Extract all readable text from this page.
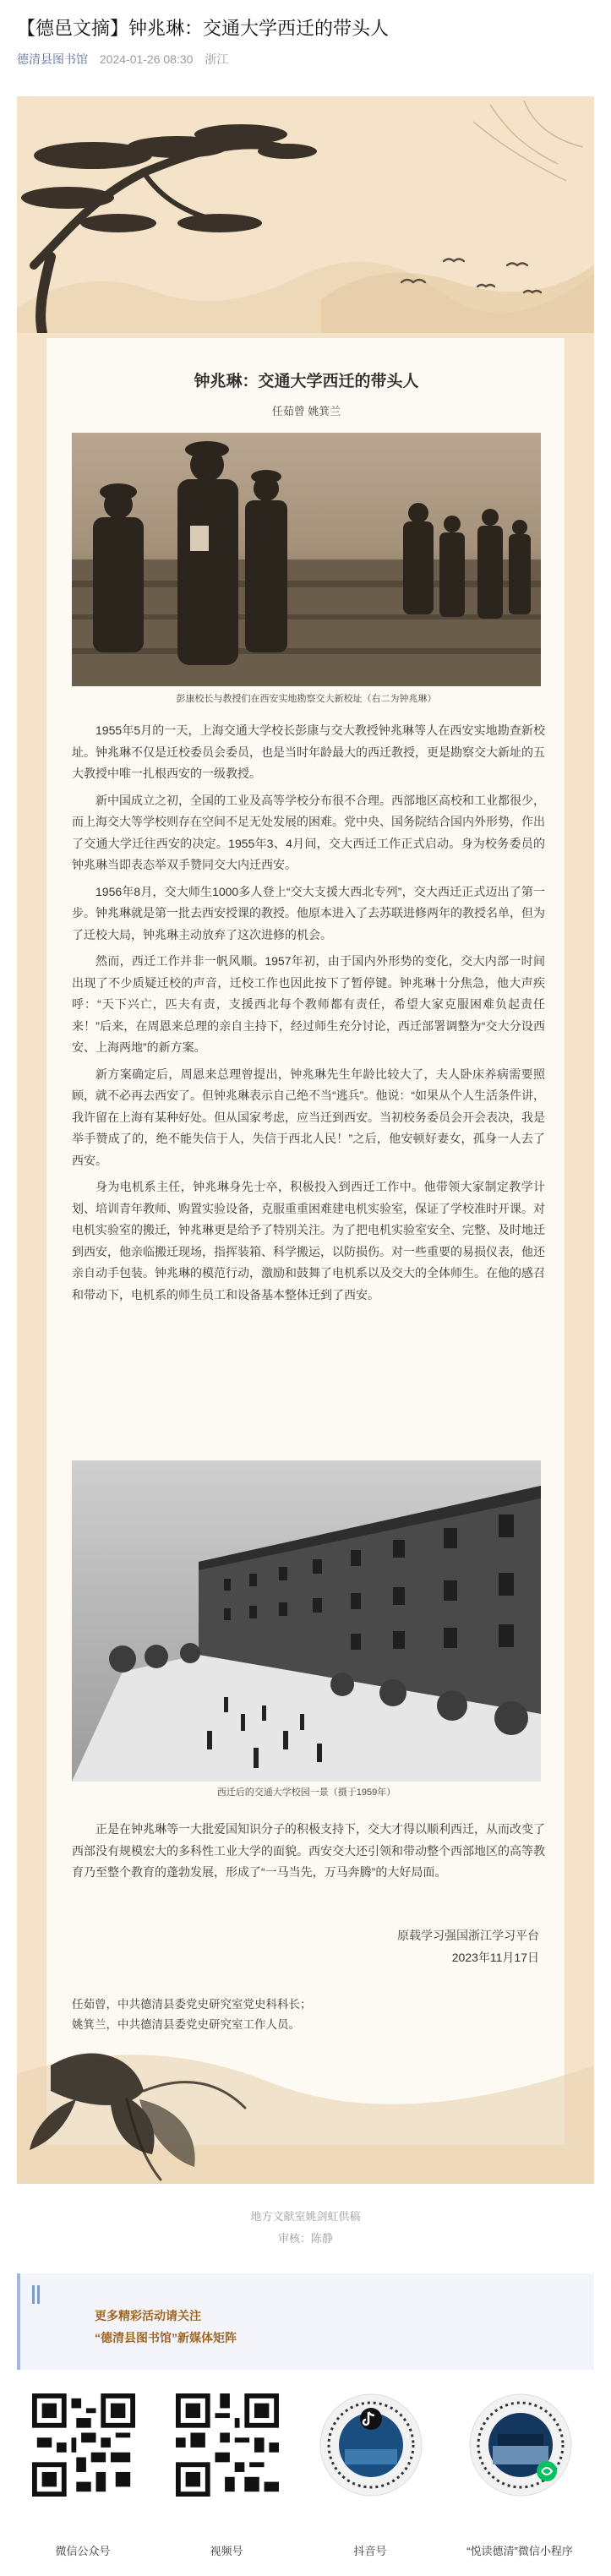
【德邑文摘】钟兆琳：交通大学西迁的带头人
德清县图书馆 2024-01-26 08:30 浙江
钟兆琳：交通大学西迁的带头人
任茹曾 姚箕兰
彭康校长与教授们在西安实地勘察交大新校址（右二为钟兆琳）

1955年5月的一天，上海交通大学校长彭康与交大教授钟兆琳等人在西安实地勘查新校址。钟兆琳不仅是迁校委员会委员，也是当时年龄最大的西迁教授，更是勘察交大新址的五大教授中唯一扎根西安的一级教授。

新中国成立之初，全国的工业及高等学校分布很不合理。西部地区高校和工业都很少，而上海交大等学校则存在空间不足无处发展的困难。党中央、国务院结合国内外形势，作出了交通大学迁往西安的决定。1955年3、4月间，交大西迁工作正式启动。身为校务委员的钟兆琳当即表态举双手赞同交大内迁西安。

1956年8月，交大师生1000多人登上“交大支援大西北专列”，交大西迁正式迈出了第一步。钟兆琳就是第一批去西安授课的教授。他原本进入了去苏联进修两年的教授名单，但为了迁校大局，钟兆琳主动放弃了这次进修的机会。

然而，西迁工作并非一帆风顺。1957年初，由于国内外形势的变化，交大内部一时间出现了不少质疑迁校的声音，迁校工作也因此按下了暂停键。钟兆琳十分焦急，他大声疾呼：“天下兴亡，匹夫有责，支援西北每个教师都有责任，希望大家克服困难负起责任来！”后来，在周恩来总理的亲自主持下，经过师生充分讨论，西迁部署调整为“交大分设西安、上海两地”的新方案。

新方案确定后，周恩来总理曾提出，钟兆琳先生年龄比较大了，夫人卧床养病需要照顾，就不必再去西安了。但钟兆琳表示自己绝不当“逃兵”。他说：“如果从个人生活条件讲，我许留在上海有某种好处。但从国家考虑，应当迁到西安。当初校务委员会开会表决，我是举手赞成了的，绝不能失信于人，失信于西北人民！”之后，他安顿好妻女，孤身一人去了西安。

身为电机系主任，钟兆琳身先士卒，积极投入到西迁工作中。他带领大家制定教学计划、培训青年教师、购置实验设备，克服重重困难建电机实验室，保证了学校准时开课。对电机实验室的搬迁，钟兆琳更是给予了特别关注。为了把电机实验室安全、完整、及时地迁到西安，他亲临搬迁现场，指挥装箱、科学搬运，以防损伤。对一些重要的易损仪表，他还亲自动手包装。钟兆琳的模范行动，激励和鼓舞了电机系以及交大的全体师生。在他的感召和带动下，电机系的师生员工和设备基本整体迁到了西安。

西迁后的交通大学校园一景（摄于1959年）

正是在钟兆琳等一大批爱国知识分子的积极支持下，交大才得以顺利西迁，从而改变了西部没有规模宏大的多科性工业大学的面貌。西安交大还引领和带动整个西部地区的高等教育乃至整个教育的蓬勃发展，形成了“一马当先，万马奔腾”的大好局面。

原载学习强国浙江学习平台
2023年11月17日
任茹曾，中共德清县委党史研究室党史科科长；
姚箕兰，中共德清县委党史研究室工作人员。
地方文献室姚剑虹供稿
审核：陈静
更多精彩活动请关注
“德清县图书馆”新媒体矩阵
微信公众号	视频号	抖音号	“悦读德清”微信小程序
